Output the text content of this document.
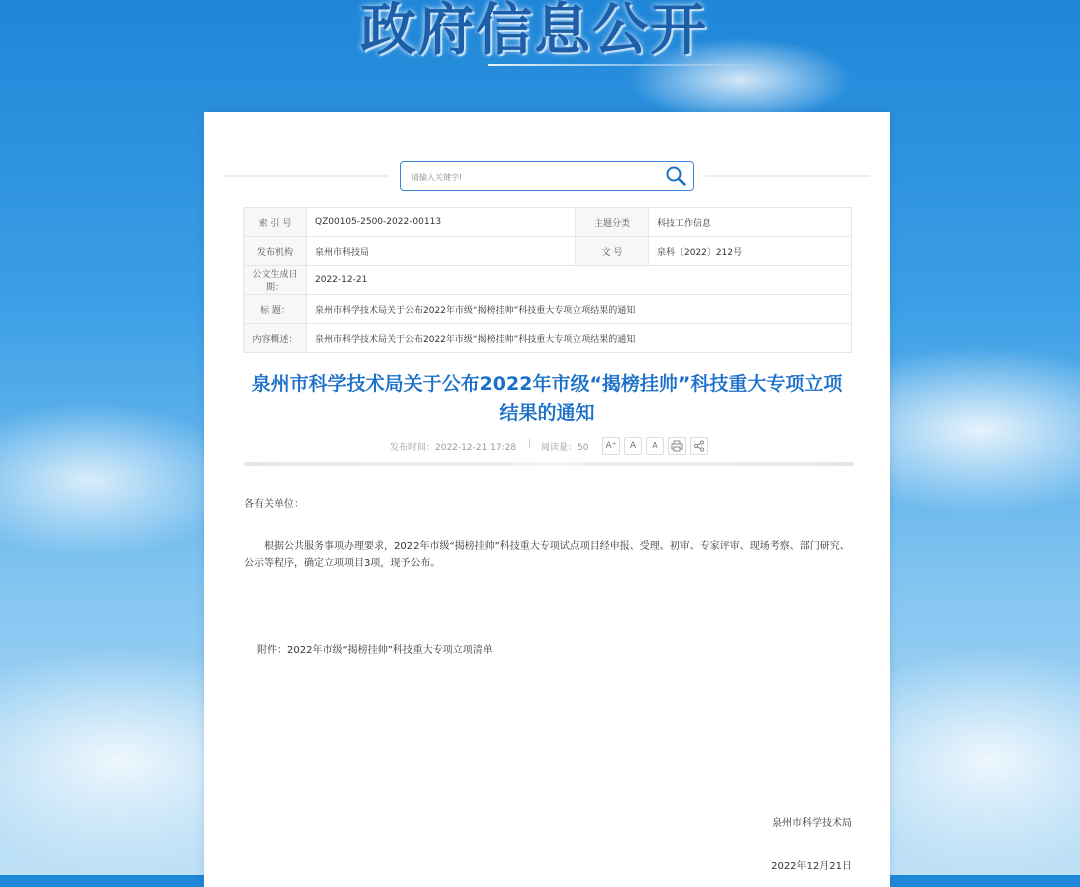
政府信息公开
请输入关键字!
索 引 号	QZ00105-2500-2022-00113	主题分类	科技工作信息
发布机构	泉州市科技局	文 号	泉科〔2022〕212号
公文生成日期：	2022-12-21		
标 题：	泉州市科学技术局关于公布2022年市级“揭榜挂帅”科技重大专项立项结果的通知		
内容概述：	泉州市科学技术局关于公布2022年市级“揭榜挂帅”科技重大专项立项结果的通知		
泉州市科学技术局关于公布2022年市级“揭榜挂帅”科技重大专项立项结果的通知
发布时间：2022-12-21 17:28 | 阅读量：50	A⁺	A	A
各有关单位：
根据公共服务事项办理要求，2022年市级“揭榜挂帅”科技重大专项试点项目经申报、受理、初审、专家评审、现场考察、部门研究、公示等程序，确定立项项目3项，现予公布。
附件：2022年市级“揭榜挂帅”科技重大专项立项清单
泉州市科学技术局
2022年12月21日
